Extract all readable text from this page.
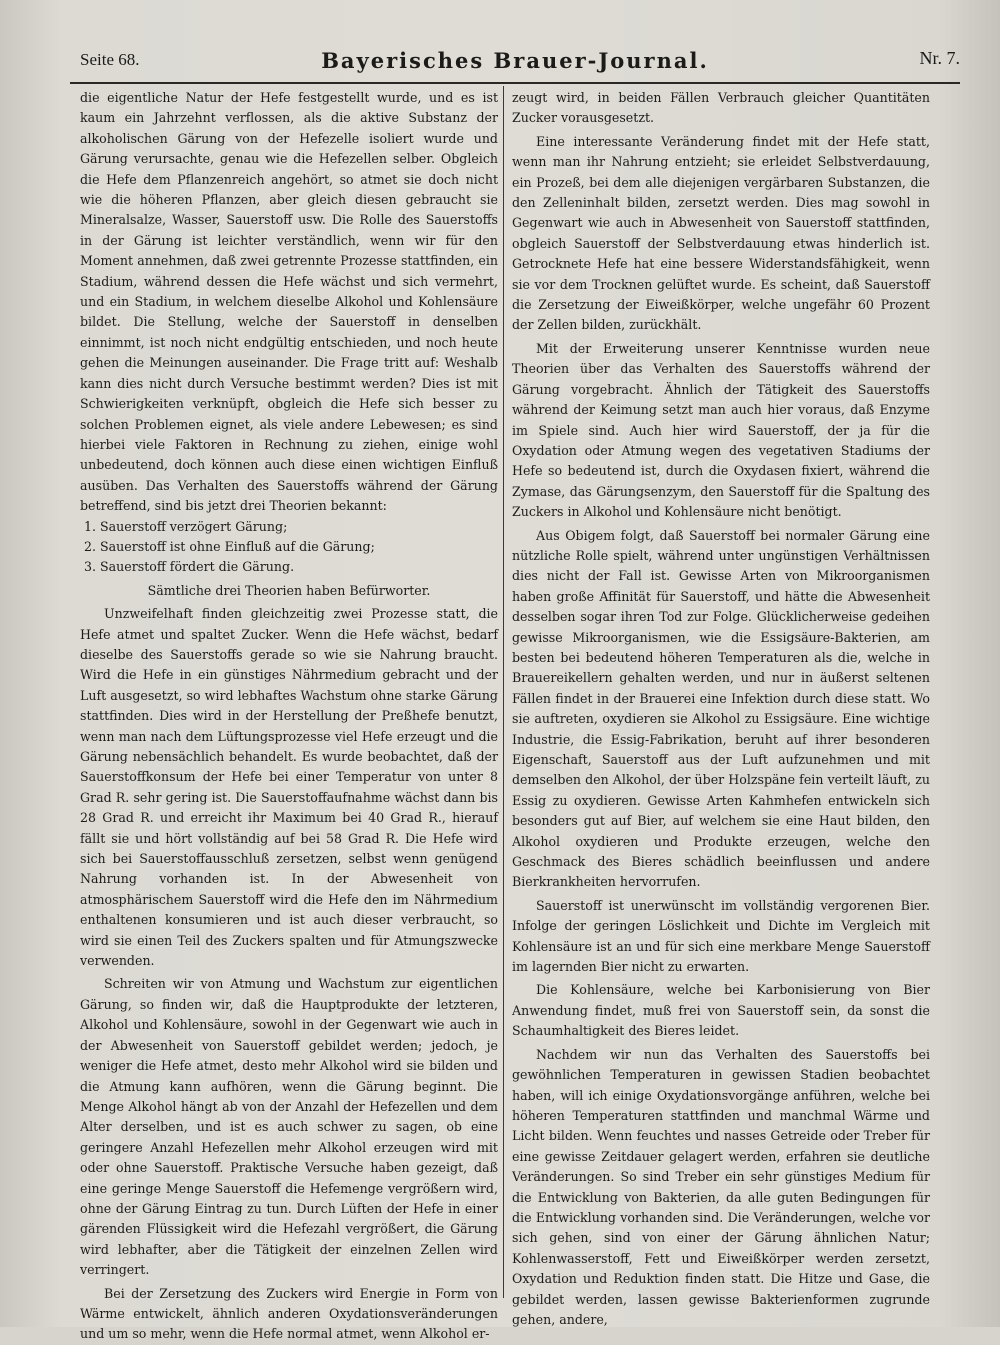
Seite 68.	Bayerisches Brauer-Journal.	Nr. 7.

die eigentliche Natur der Hefe festgestellt wurde, und es ist kaum ein Jahrzehnt verflossen, als die aktive Substanz der alkoholischen Gärung von der Hefezelle isoliert wurde und Gärung verursachte, genau wie die Hefezellen selber. Obgleich die Hefe dem Pflanzenreich angehört, so atmet sie doch nicht wie die höheren Pflanzen, aber gleich diesen gebraucht sie Mineralsalze, Wasser, Sauerstoff usw. Die Rolle des Sauerstoffs in der Gärung ist leichter verständlich, wenn wir für den Moment annehmen, daß zwei getrennte Prozesse stattfinden, ein Stadium, während dessen die Hefe wächst und sich vermehrt, und ein Stadium, in welchem dieselbe Alkohol und Kohlensäure bildet. Die Stellung, welche der Sauerstoff in denselben einnimmt, ist noch nicht endgültig entschieden, und noch heute gehen die Meinungen auseinander. Die Frage tritt auf: Weshalb kann dies nicht durch Versuche bestimmt werden? Dies ist mit Schwierigkeiten verknüpft, obgleich die Hefe sich besser zu solchen Problemen eignet, als viele andere Lebewesen; es sind hierbei viele Faktoren in Rechnung zu ziehen, einige wohl unbedeutend, doch können auch diese einen wichtigen Einfluß ausüben. Das Verhalten des Sauerstoffs während der Gärung betreffend, sind bis jetzt drei Theorien bekannt:

1. Sauerstoff verzögert Gärung;

2. Sauerstoff ist ohne Einfluß auf die Gärung;

3. Sauerstoff fördert die Gärung.

Sämtliche drei Theorien haben Befürworter.

Unzweifelhaft finden gleichzeitig zwei Prozesse statt, die Hefe atmet und spaltet Zucker. Wenn die Hefe wächst, bedarf dieselbe des Sauerstoffs gerade so wie sie Nahrung braucht. Wird die Hefe in ein günstiges Nährmedium gebracht und der Luft ausgesetzt, so wird lebhaftes Wachstum ohne starke Gärung stattfinden. Dies wird in der Herstellung der Preßhefe benutzt, wenn man nach dem Lüftungsprozesse viel Hefe erzeugt und die Gärung nebensächlich behandelt. Es wurde beobachtet, daß der Sauerstoffkonsum der Hefe bei einer Temperatur von unter 8 Grad R. sehr gering ist. Die Sauerstoffaufnahme wächst dann bis 28 Grad R. und erreicht ihr Maximum bei 40 Grad R., hierauf fällt sie und hört vollständig auf bei 58 Grad R. Die Hefe wird sich bei Sauerstoffausschluß zersetzen, selbst wenn genügend Nahrung vorhanden ist. In der Abwesenheit von atmosphärischem Sauerstoff wird die Hefe den im Nährmedium enthaltenen konsumieren und ist auch dieser verbraucht, so wird sie einen Teil des Zuckers spalten und für Atmungszwecke verwenden.

Schreiten wir von Atmung und Wachstum zur eigentlichen Gärung, so finden wir, daß die Hauptprodukte der letzteren, Alkohol und Kohlensäure, sowohl in der Gegenwart wie auch in der Abwesenheit von Sauerstoff gebildet werden; jedoch, je weniger die Hefe atmet, desto mehr Alkohol wird sie bilden und die Atmung kann aufhören, wenn die Gärung beginnt. Die Menge Alkohol hängt ab von der Anzahl der Hefezellen und dem Alter derselben, und ist es auch schwer zu sagen, ob eine geringere Anzahl Hefezellen mehr Alkohol erzeugen wird mit oder ohne Sauerstoff. Praktische Versuche haben gezeigt, daß eine geringe Menge Sauerstoff die Hefemenge vergrößern wird, ohne der Gärung Eintrag zu tun. Durch Lüften der Hefe in einer gärenden Flüssigkeit wird die Hefezahl vergrößert, die Gärung wird lebhafter, aber die Tätigkeit der einzelnen Zellen wird verringert.

Bei der Zersetzung des Zuckers wird Energie in Form von Wärme entwickelt, ähnlich anderen Oxydationsveränderungen und um so mehr, wenn die Hefe normal atmet, wenn Alkohol er-

zeugt wird, in beiden Fällen Verbrauch gleicher Quantitäten Zucker vorausgesetzt.

Eine interessante Veränderung findet mit der Hefe statt, wenn man ihr Nahrung entzieht; sie erleidet Selbstverdauung, ein Prozeß, bei dem alle diejenigen vergärbaren Substanzen, die den Zelleninhalt bilden, zersetzt werden. Dies mag sowohl in Gegenwart wie auch in Abwesenheit von Sauerstoff stattfinden, obgleich Sauerstoff der Selbstverdauung etwas hinderlich ist. Getrocknete Hefe hat eine bessere Widerstandsfähigkeit, wenn sie vor dem Trocknen gelüftet wurde. Es scheint, daß Sauerstoff die Zersetzung der Eiweißkörper, welche ungefähr 60 Prozent der Zellen bilden, zurückhält.

Mit der Erweiterung unserer Kenntnisse wurden neue Theorien über das Verhalten des Sauerstoffs während der Gärung vorgebracht. Ähnlich der Tätigkeit des Sauerstoffs während der Keimung setzt man auch hier voraus, daß Enzyme im Spiele sind. Auch hier wird Sauerstoff, der ja für die Oxydation oder Atmung wegen des vegetativen Stadiums der Hefe so bedeutend ist, durch die Oxydasen fixiert, während die Zymase, das Gärungsenzym, den Sauerstoff für die Spaltung des Zuckers in Alkohol und Kohlensäure nicht benötigt.

Aus Obigem folgt, daß Sauerstoff bei normaler Gärung eine nützliche Rolle spielt, während unter ungünstigen Verhältnissen dies nicht der Fall ist. Gewisse Arten von Mikroorganismen haben große Affinität für Sauerstoff, und hätte die Abwesenheit desselben sogar ihren Tod zur Folge. Glücklicherweise gedeihen gewisse Mikroorganismen, wie die Essigsäure-Bakterien, am besten bei bedeutend höheren Temperaturen als die, welche in Brauereikellern gehalten werden, und nur in äußerst seltenen Fällen findet in der Brauerei eine Infektion durch diese statt. Wo sie auftreten, oxydieren sie Alkohol zu Essigsäure. Eine wichtige Industrie, die Essig-Fabrikation, beruht auf ihrer besonderen Eigenschaft, Sauerstoff aus der Luft aufzunehmen und mit demselben den Alkohol, der über Holzspäne fein verteilt läuft, zu Essig zu oxydieren. Gewisse Arten Kahmhefen entwickeln sich besonders gut auf Bier, auf welchem sie eine Haut bilden, den Alkohol oxydieren und Produkte erzeugen, welche den Geschmack des Bieres schädlich beeinflussen und andere Bierkrankheiten hervorrufen.

Sauerstoff ist unerwünscht im vollständig vergorenen Bier. Infolge der geringen Löslichkeit und Dichte im Vergleich mit Kohlensäure ist an und für sich eine merkbare Menge Sauerstoff im lagernden Bier nicht zu erwarten.

Die Kohlensäure, welche bei Karbonisierung von Bier Anwendung findet, muß frei von Sauerstoff sein, da sonst die Schaumhaltigkeit des Bieres leidet.

Nachdem wir nun das Verhalten des Sauerstoffs bei gewöhnlichen Temperaturen in gewissen Stadien beobachtet haben, will ich einige Oxydationsvorgänge anführen, welche bei höheren Temperaturen stattfinden und manchmal Wärme und Licht bilden. Wenn feuchtes und nasses Getreide oder Treber für eine gewisse Zeitdauer gelagert werden, erfahren sie deutliche Veränderungen. So sind Treber ein sehr günstiges Medium für die Entwicklung von Bakterien, da alle guten Bedingungen für die Entwicklung vorhanden sind. Die Veränderungen, welche vor sich gehen, sind von einer der Gärung ähnlichen Natur; Kohlenwasserstoff, Fett und Eiweißkörper werden zersetzt, Oxydation und Reduktion finden statt. Die Hitze und Gase, die gebildet werden, lassen gewisse Bakterienformen zugrunde gehen, andere,
